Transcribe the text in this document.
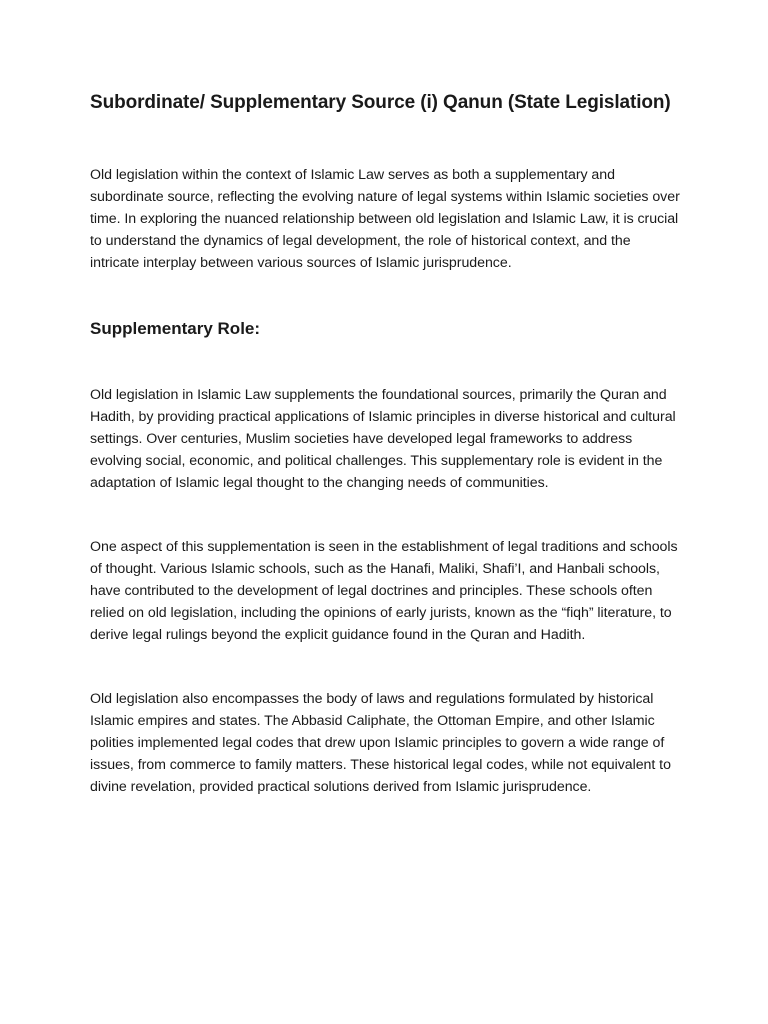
Subordinate/ Supplementary Source (i) Qanun (State Legislation)

Old legislation within the context of Islamic Law serves as both a supplementary and subordinate source, reflecting the evolving nature of legal systems within Islamic societies over time. In exploring the nuanced relationship between old legislation and Islamic Law, it is crucial to understand the dynamics of legal development, the role of historical context, and the intricate interplay between various sources of Islamic jurisprudence.

Supplementary Role:

Old legislation in Islamic Law supplements the foundational sources, primarily the Quran and Hadith, by providing practical applications of Islamic principles in diverse historical and cultural settings. Over centuries, Muslim societies have developed legal frameworks to address evolving social, economic, and political challenges. This supplementary role is evident in the adaptation of Islamic legal thought to the changing needs of communities.

One aspect of this supplementation is seen in the establishment of legal traditions and schools of thought. Various Islamic schools, such as the Hanafi, Maliki, Shafi’I, and Hanbali schools, have contributed to the development of legal doctrines and principles. These schools often relied on old legislation, including the opinions of early jurists, known as the “fiqh” literature, to derive legal rulings beyond the explicit guidance found in the Quran and Hadith.

Old legislation also encompasses the body of laws and regulations formulated by historical Islamic empires and states. The Abbasid Caliphate, the Ottoman Empire, and other Islamic polities implemented legal codes that drew upon Islamic principles to govern a wide range of issues, from commerce to family matters. These historical legal codes, while not equivalent to divine revelation, provided practical solutions derived from Islamic jurisprudence.
